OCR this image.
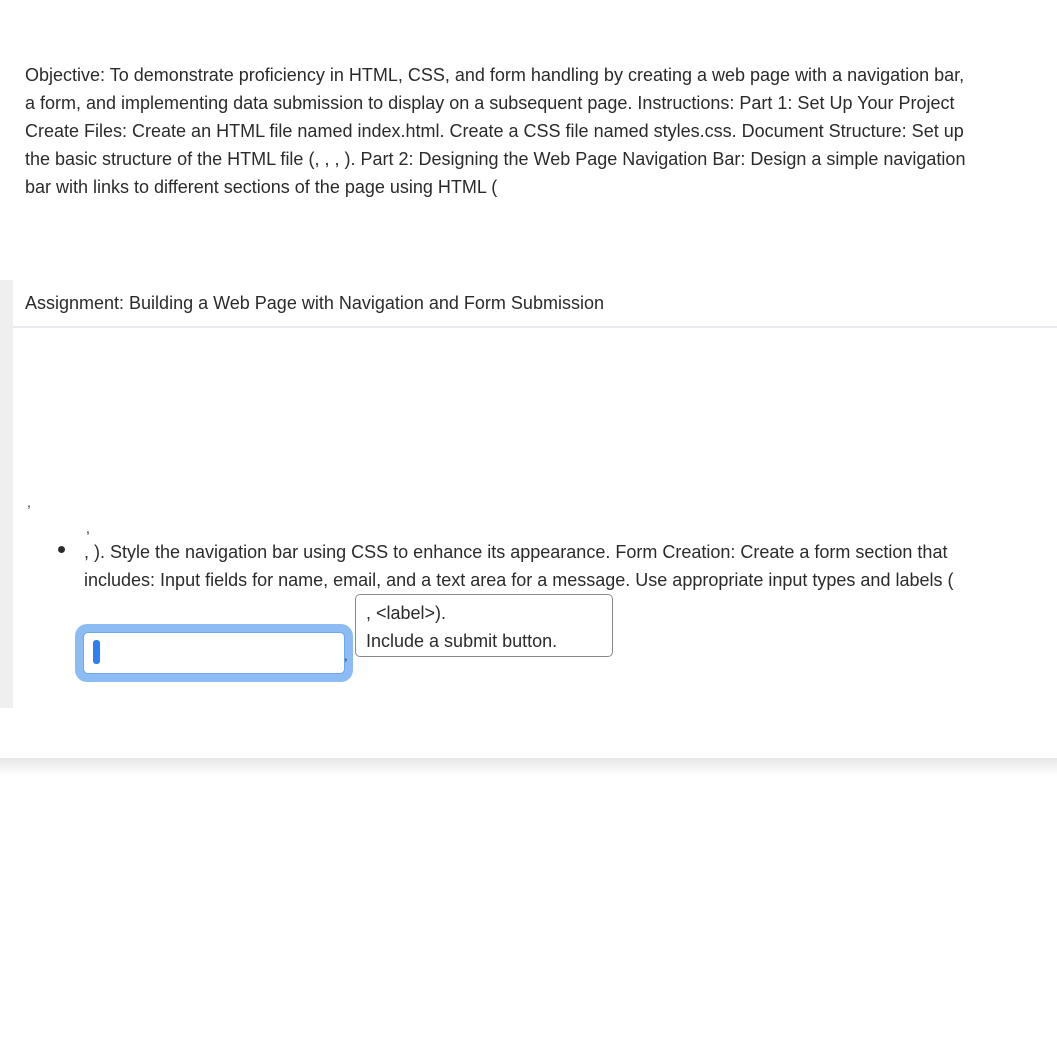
Assignment: Building a Web Page with Navigation and Form Submission
Objective: To demonstrate proficiency in HTML, CSS, and form handling by creating a web page with a navigation bar,
a form, and implementing data submission to display on a subsequent page. Instructions: Part 1: Set Up Your Project
Create Files: Create an HTML file named index.html. Create a CSS file named styles.css. Document Structure: Set up
the basic structure of the HTML file (, , , ). Part 2: Designing the Web Page Navigation Bar: Design a simple navigation
bar with links to different sections of the page using HTML (
,
,
, ). Style the navigation bar using CSS to enhance its appearance. Form Creation: Create a form section that
includes: Input fields for name, email, and a text area for a message. Use appropriate input types and labels (
,
, <label>).
Include a submit button.
